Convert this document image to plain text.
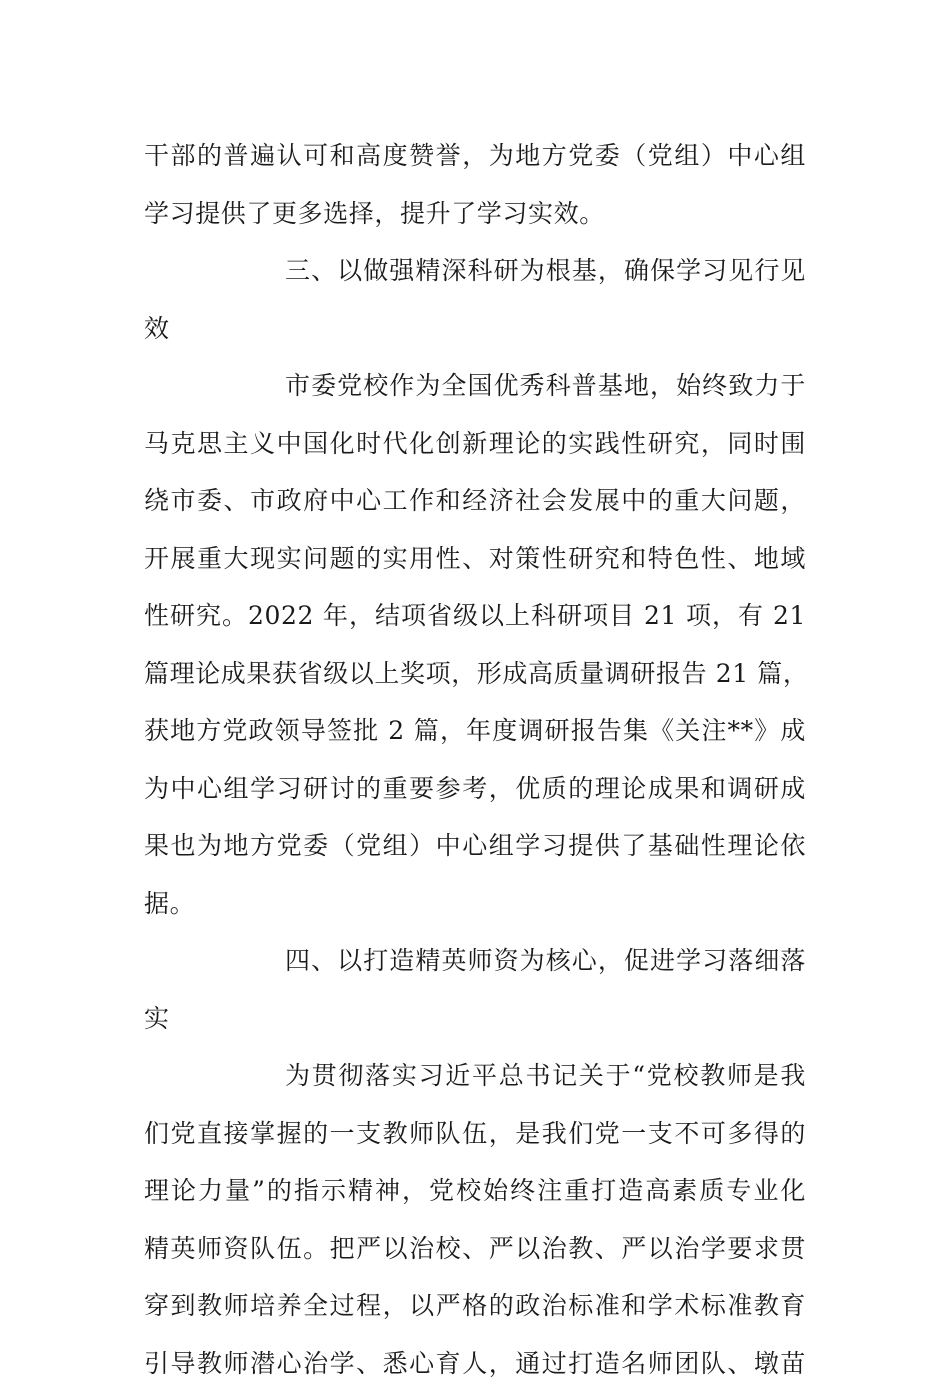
干部的普遍认可和高度赞誉，为地方党委（党组）中心组
学习提供了更多选择，提升了学习实效。
三、以做强精深科研为根基，确保学习见行见
效
市委党校作为全国优秀科普基地，始终致力于
马克思主义中国化时代化创新理论的实践性研究，同时围
绕市委、市政府中心工作和经济社会发展中的重大问题，
开展重大现实问题的实用性、对策性研究和特色性、地域
性研究。2022 年，结项省级以上科研项目 21 项，有 21
篇理论成果获省级以上奖项，形成高质量调研报告 21 篇，
获地方党政领导签批 2 篇，年度调研报告集《关注**》成
为中心组学习研讨的重要参考，优质的理论成果和调研成
果也为地方党委（党组）中心组学习提供了基础性理论依
据。
四、以打造精英师资为核心，促进学习落细落
实
为贯彻落实习近平总书记关于“党校教师是我
们党直接掌握的一支教师队伍，是我们党一支不可多得的
理论力量”的指示精神，党校始终注重打造高素质专业化
精英师资队伍。把严以治校、严以治教、严以治学要求贯
穿到教师培养全过程，以严格的政治标准和学术标准教育
引导教师潜心治学、悉心育人，通过打造名师团队、墩苗
